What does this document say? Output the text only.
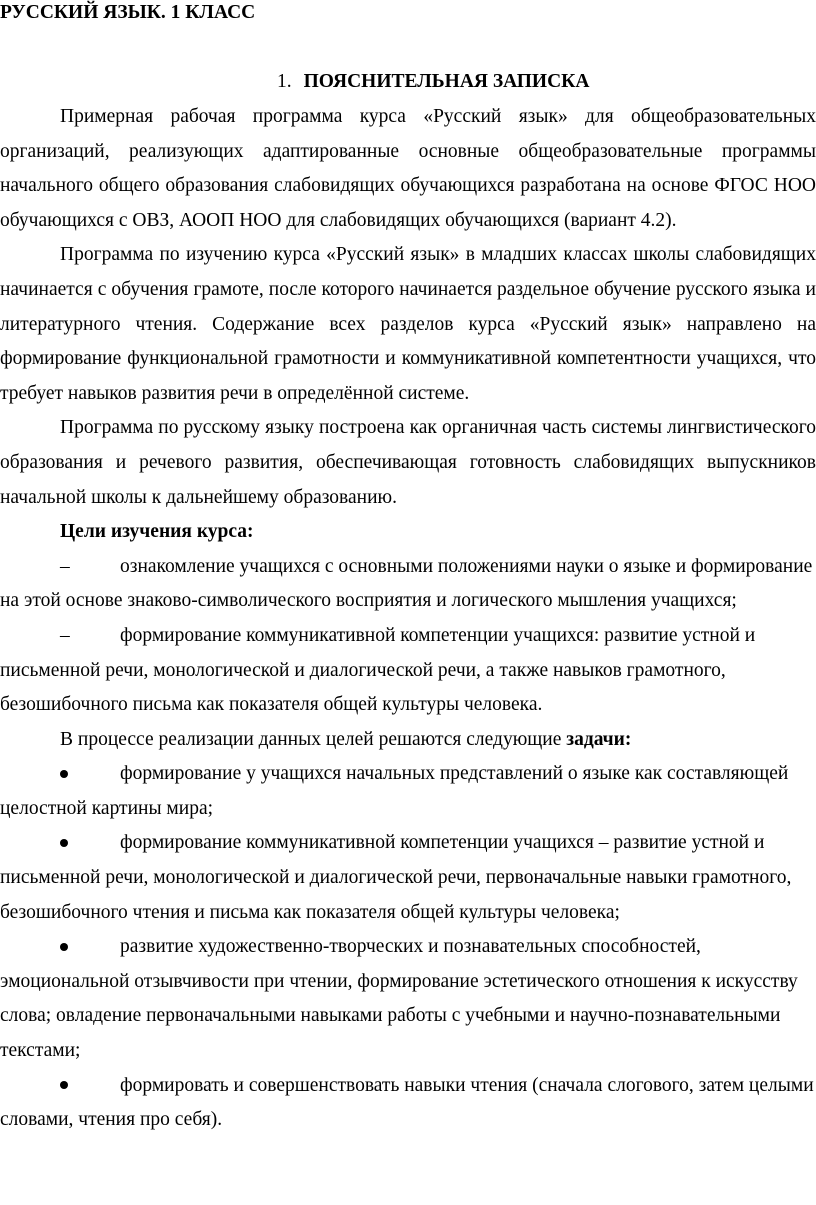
РУССКИЙ ЯЗЫК. 1 КЛАСС
1. ПОЯСНИТЕЛЬНАЯ ЗАПИСКА

Примерная рабочая программа курса «Русский язык» для общеобразовательных организаций, реализующих адаптированные основные общеобразовательные программы начального общего образования слабовидящих обучающихся разработана на основе ФГОС НОО обучающихся с ОВЗ, АООП НОО для слабовидящих обучающихся (вариант 4.2).

Программа по изучению курса «Русский язык» в младших классах школы слабовидящих начинается с обучения грамоте, после которого начинается раздельное обучение русского языка и литературного чтения. Содержание всех разделов курса «Русский язык» направлено на формирование функциональной грамотности и коммуникативной компетентности учащихся, что требует навыков развития речи в определённой системе.

Программа по русскому языку построена как органичная часть системы лингвистического образования и речевого развития, обеспечивающая готовность слабовидящих выпускников начальной школы к дальнейшему образованию.

Цели изучения курса:

–	ознакомление учащихся с основными положениями науки о языке и формирование на этой основе знаково-символического восприятия и логического мышления учащихся;

–	формирование коммуникативной компетенции учащихся: развитие устной и письменной речи, монологической и диалогической речи, а также навыков грамотного, безошибочного письма как показателя общей культуры человека.

В процессе реализации данных целей решаются следующие задачи:

формирование у учащихся начальных представлений о языке как составляющей целостной картины мира;

формирование коммуникативной компетенции учащихся – развитие устной и письменной речи, монологической и диалогической речи, первоначальные навыки грамотного, безошибочного чтения и письма как показателя общей культуры человека;

развитие художественно-творческих и познавательных способностей, эмоциональной отзывчивости при чтении, формирование эстетического отношения к искусству слова; овладение первоначальными навыками работы с учебными и научно-познавательными текстами;

формировать и совершенствовать навыки чтения (сначала слогового, затем целыми словами, чтения про себя).
